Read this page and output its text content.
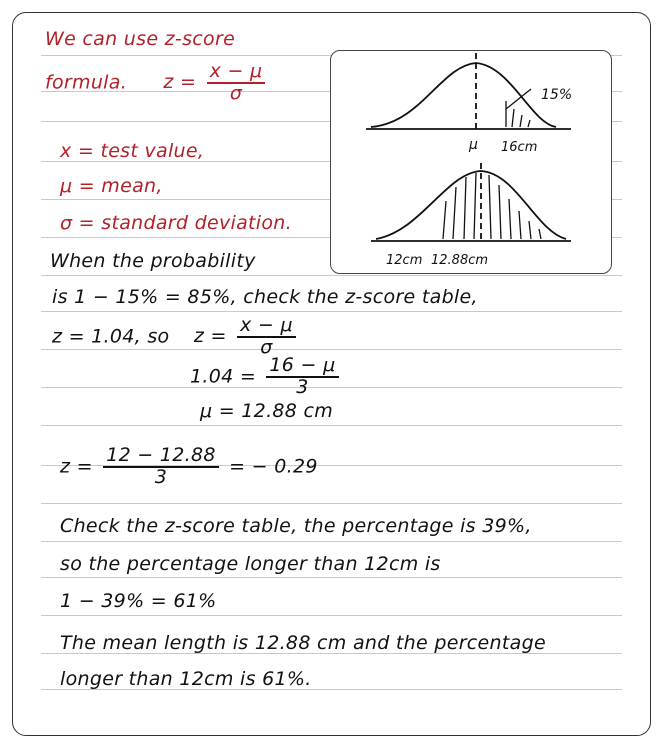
We can use z-score
formula. $z = \frac{x - \mu}{\sigma}$
x = test value,
μ = mean,
σ = standard deviation.
When the probability
is 1 − 15% = 85%, check the z-score table,
z = 1.04, so $z = \frac{x - \mu}{\sigma}$
$1.04 = \frac{16 - \mu}{3}$
μ = 12.88 cm
$z = \frac{12 - 12.88}{3}$ = − 0.29
Check the z-score table, the percentage is 39%,
so the percentage longer than 12cm is
1 − 39% = 61%
The mean length is 12.88 cm and the percentage
longer than 12cm is 61%.
15%
μ 16cm
12cm 12.88cm
